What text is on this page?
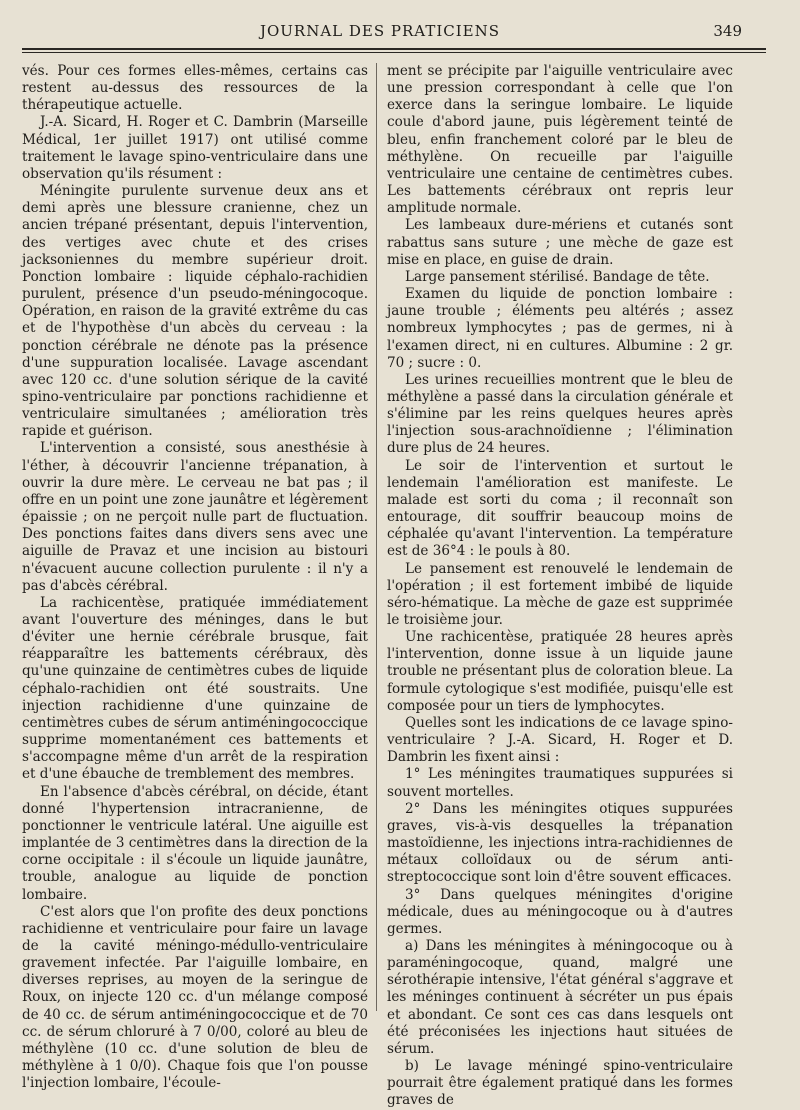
JOURNAL DES PRATICIENS	349

vés. Pour ces formes elles-mêmes, certains cas restent au-dessus des ressources de la thérapeutique actuelle.

J.-A. Sicard, H. Roger et C. Dambrin (Marseille Médical, 1er juillet 1917) ont utilisé comme traitement le lavage spino-ventriculaire dans une observation qu'ils résument :

Méningite purulente survenue deux ans et demi après une blessure cranienne, chez un ancien trépané présentant, depuis l'intervention, des vertiges avec chute et des crises jacksoniennes du membre supérieur droit. Ponction lombaire : liquide céphalo-rachidien purulent, présence d'un pseudo-méningocoque. Opération, en raison de la gravité extrême du cas et de l'hypothèse d'un abcès du cerveau : la ponction cérébrale ne dénote pas la présence d'une suppuration localisée. Lavage ascendant avec 120 cc. d'une solution sérique de la cavité spino-ventriculaire par ponctions rachidienne et ventriculaire simultanées ; amélioration très rapide et guérison.

L'intervention a consisté, sous anesthésie à l'éther, à découvrir l'ancienne trépanation, à ouvrir la dure mère. Le cerveau ne bat pas ; il offre en un point une zone jaunâtre et légèrement épaissie ; on ne perçoit nulle part de fluctuation. Des ponctions faites dans divers sens avec une aiguille de Pravaz et une incision au bistouri n'évacuent aucune collection purulente : il n'y a pas d'abcès cérébral.

La rachicentèse, pratiquée immédiatement avant l'ouverture des méninges, dans le but d'éviter une hernie cérébrale brusque, fait réapparaître les battements cérébraux, dès qu'une quinzaine de centimètres cubes de liquide céphalo-rachidien ont été soustraits. Une injection rachidienne d'une quinzaine de centimètres cubes de sérum antiméningococcique supprime momentanément ces battements et s'accompagne même d'un arrêt de la respiration et d'une ébauche de tremblement des membres.

En l'absence d'abcès cérébral, on décide, étant donné l'hypertension intracranienne, de ponctionner le ventricule latéral. Une aiguille est implantée de 3 centimètres dans la direction de la corne occipitale : il s'écoule un liquide jaunâtre, trouble, analogue au liquide de ponction lombaire.

C'est alors que l'on profite des deux ponctions rachidienne et ventriculaire pour faire un lavage de la cavité méningo-médullo-ventriculaire gravement infectée. Par l'aiguille lombaire, en diverses reprises, au moyen de la seringue de Roux, on injecte 120 cc. d'un mélange composé de 40 cc. de sérum antiméningococcique et de 70 cc. de sérum chloruré à 7 0/00, coloré au bleu de méthylène (10 cc. d'une solution de bleu de méthylène à 1 0/0). Chaque fois que l'on pousse l'injection lombaire, l'écoule-

ment se précipite par l'aiguille ventriculaire avec une pression correspondant à celle que l'on exerce dans la seringue lombaire. Le liquide coule d'abord jaune, puis légèrement teinté de bleu, enfin franchement coloré par le bleu de méthylène. On recueille par l'aiguille ventriculaire une centaine de centimètres cubes. Les battements cérébraux ont repris leur amplitude normale.

Les lambeaux dure-mériens et cutanés sont rabattus sans suture ; une mèche de gaze est mise en place, en guise de drain.

Large pansement stérilisé. Bandage de tête.

Examen du liquide de ponction lombaire : jaune trouble ; éléments peu altérés ; assez nombreux lymphocytes ; pas de germes, ni à l'examen direct, ni en cultures. Albumine : 2 gr. 70 ; sucre : 0.

Les urines recueillies montrent que le bleu de méthylène a passé dans la circulation générale et s'élimine par les reins quelques heures après l'injection sous-arachnoïdienne ; l'élimination dure plus de 24 heures.

Le soir de l'intervention et surtout le lendemain l'amélioration est manifeste. Le malade est sorti du coma ; il reconnaît son entourage, dit souffrir beaucoup moins de céphalée qu'avant l'intervention. La température est de 36°4 : le pouls à 80.

Le pansement est renouvelé le lendemain de l'opération ; il est fortement imbibé de liquide séro-hématique. La mèche de gaze est supprimée le troisième jour.

Une rachicentèse, pratiquée 28 heures après l'intervention, donne issue à un liquide jaune trouble ne présentant plus de coloration bleue. La formule cytologique s'est modifiée, puisqu'elle est composée pour un tiers de lymphocytes.

Quelles sont les indications de ce lavage spino-ventriculaire ? J.-A. Sicard, H. Roger et D. Dambrin les fixent ainsi :

1° Les méningites traumatiques suppurées si souvent mortelles.

2° Dans les méningites otiques suppurées graves, vis-à-vis desquelles la trépanation mastoïdienne, les injections intra-rachidiennes de métaux colloïdaux ou de sérum anti-streptococcique sont loin d'être souvent efficaces.

3° Dans quelques méningites d'origine médicale, dues au méningocoque ou à d'autres germes.

a) Dans les méningites à méningocoque ou à paraméningocoque, quand, malgré une sérothérapie intensive, l'état général s'aggrave et les méninges continuent à sécréter un pus épais et abondant. Ce sont ces cas dans lesquels ont été préconisées les injections haut situées de sérum.

b) Le lavage méningé spino-ventriculaire pourrait être également pratiqué dans les formes graves de
